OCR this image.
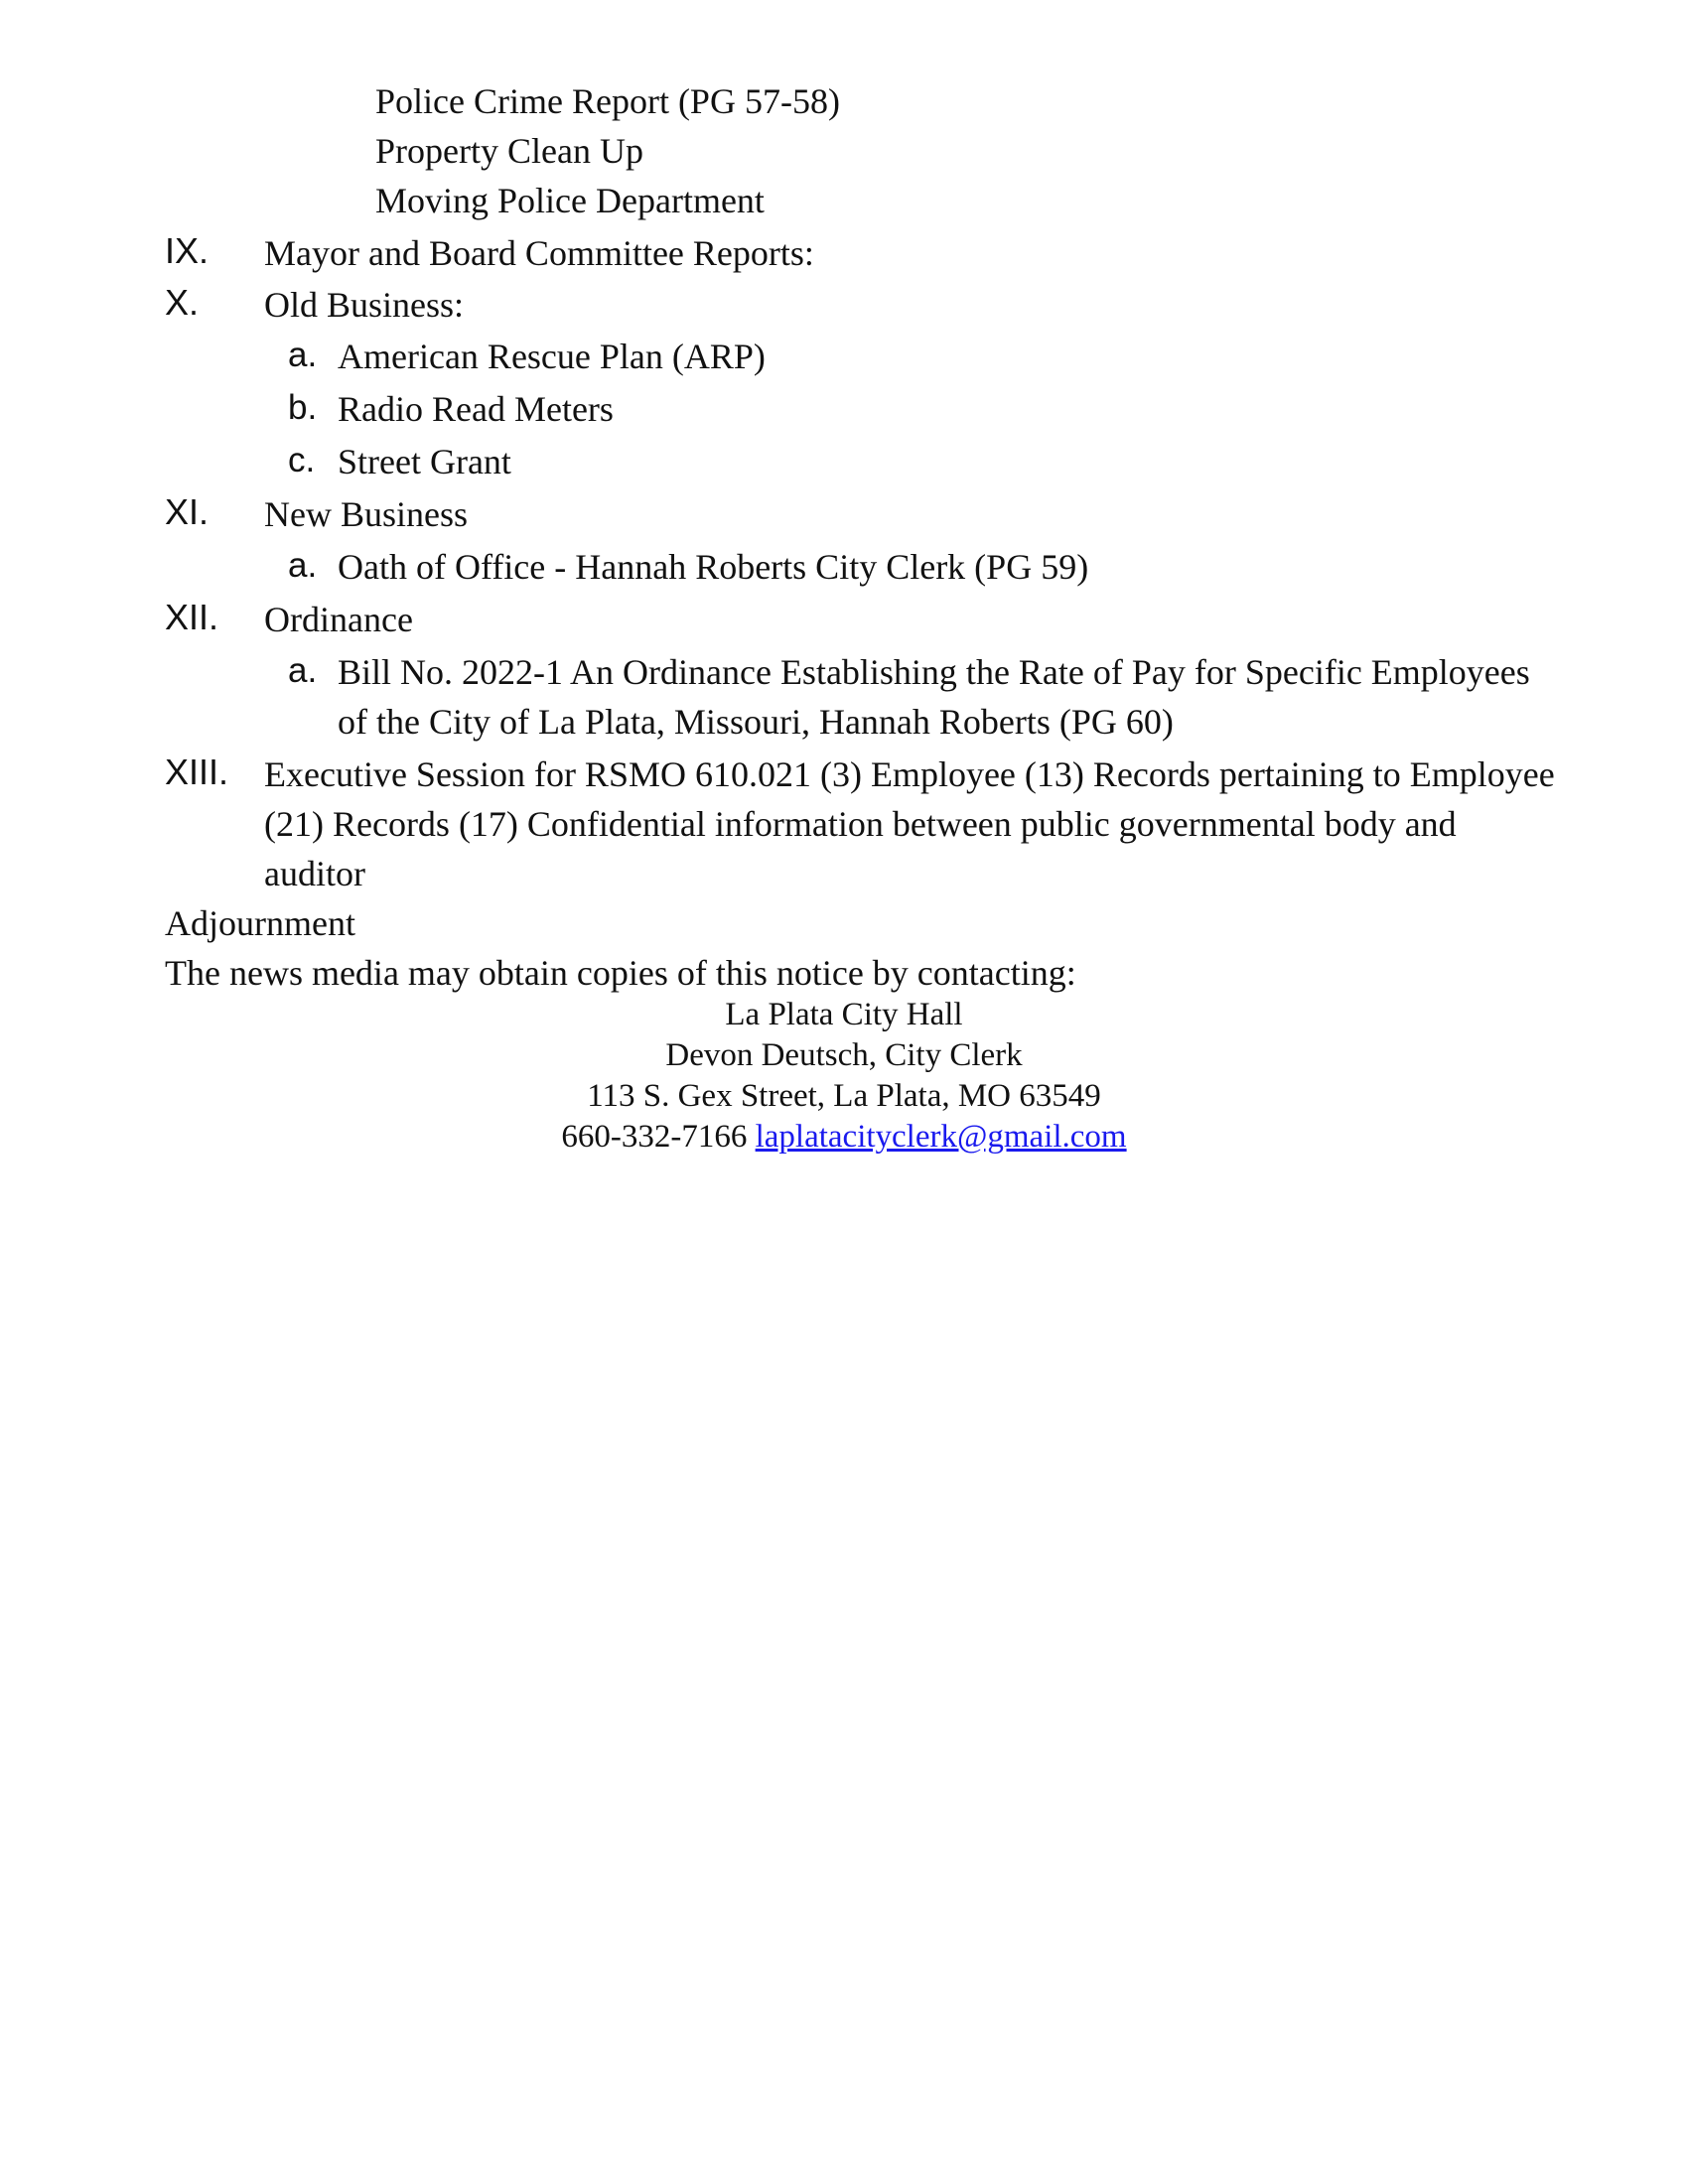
Police Crime Report (PG 57-58)
Property Clean Up
Moving Police Department
IX. Mayor and Board Committee Reports:
X. Old Business:
a. American Rescue Plan (ARP)
b. Radio Read Meters
c. Street Grant
XI. New Business
a. Oath of Office - Hannah Roberts City Clerk (PG 59)
XII. Ordinance
a. Bill No. 2022-1 An Ordinance Establishing the Rate of Pay for Specific Employees
of the City of La Plata, Missouri, Hannah Roberts (PG 60)
XIII. Executive Session for RSMO 610.021 (3) Employee (13) Records pertaining to Employee
(21) Records (17) Confidential information between public governmental body and
auditor
Adjournment
The news media may obtain copies of this notice by contacting:
La Plata City Hall
Devon Deutsch, City Clerk
113 S. Gex Street, La Plata, MO 63549
660-332-7166 laplatacityclerk@gmail.com
